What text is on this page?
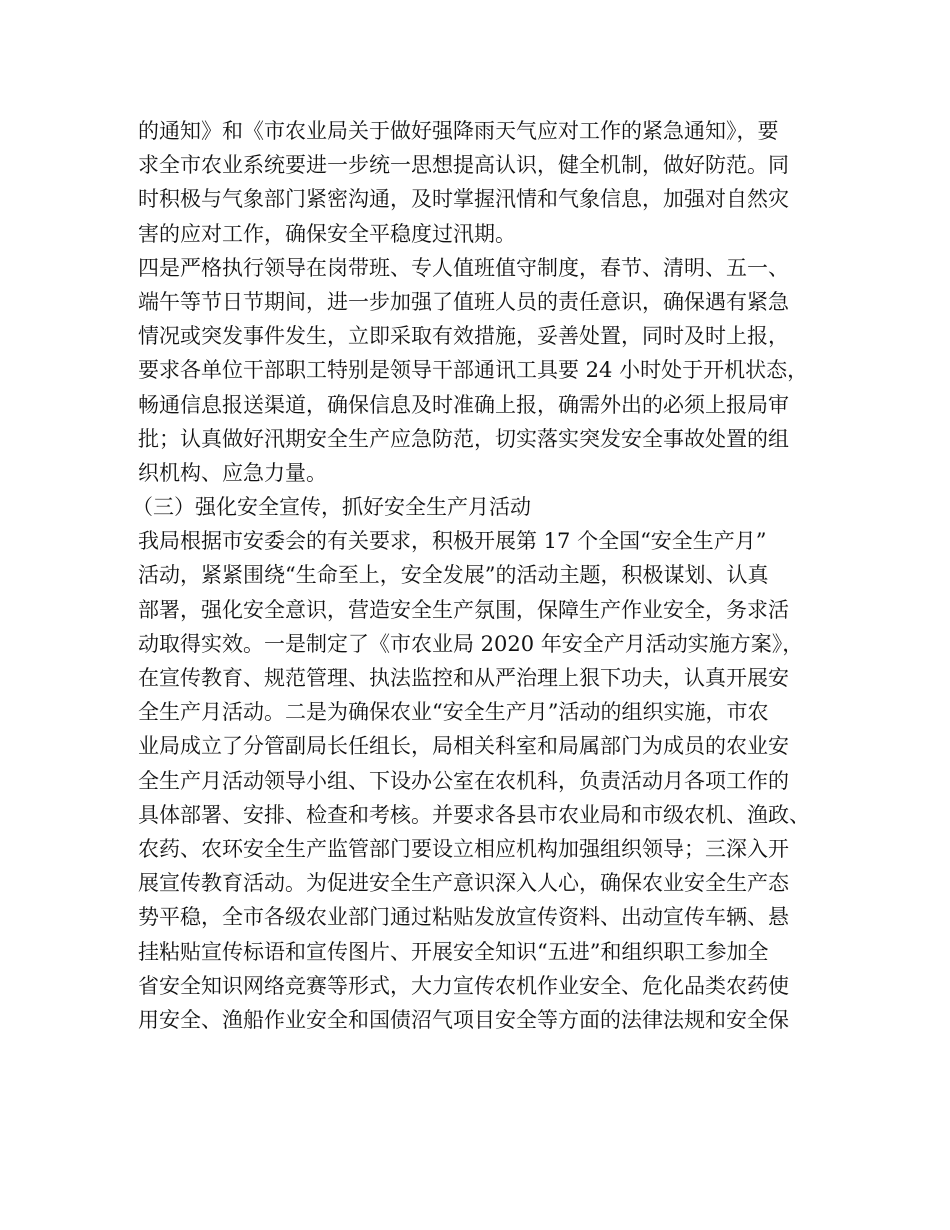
的通知》和《市农业局关于做好强降雨天气应对工作的紧急通知》，要
求全市农业系统要进一步统一思想提高认识，健全机制，做好防范。同
时积极与气象部门紧密沟通，及时掌握汛情和气象信息，加强对自然灾
害的应对工作，确保安全平稳度过汛期。
四是严格执行领导在岗带班、专人值班值守制度，春节、清明、五一、
端午等节日节期间，进一步加强了值班人员的责任意识，确保遇有紧急
情况或突发事件发生，立即采取有效措施，妥善处置，同时及时上报，
要求各单位干部职工特别是领导干部通讯工具要 24 小时处于开机状态，
畅通信息报送渠道，确保信息及时准确上报，确需外出的必须上报局审
批；认真做好汛期安全生产应急防范，切实落实突发安全事故处置的组
织机构、应急力量。
（三）强化安全宣传，抓好安全生产月活动
我局根据市安委会的有关要求，积极开展第 17 个全国“安全生产月”
活动，紧紧围绕“生命至上，安全发展”的活动主题，积极谋划、认真
部署，强化安全意识，营造安全生产氛围，保障生产作业安全，务求活
动取得实效。一是制定了《市农业局 2020 年安全产月活动实施方案》，
在宣传教育、规范管理、执法监控和从严治理上狠下功夫，认真开展安
全生产月活动。二是为确保农业“安全生产月”活动的组织实施，市农
业局成立了分管副局长任组长，局相关科室和局属部门为成员的农业安
全生产月活动领导小组、下设办公室在农机科，负责活动月各项工作的
具体部署、安排、检查和考核。并要求各县市农业局和市级农机、渔政、
农药、农环安全生产监管部门要设立相应机构加强组织领导；三深入开
展宣传教育活动。为促进安全生产意识深入人心，确保农业安全生产态
势平稳，全市各级农业部门通过粘贴发放宣传资料、出动宣传车辆、悬
挂粘贴宣传标语和宣传图片、开展安全知识“五进”和组织职工参加全
省安全知识网络竞赛等形式，大力宣传农机作业安全、危化品类农药使
用安全、渔船作业安全和国债沼气项目安全等方面的法律法规和安全保
